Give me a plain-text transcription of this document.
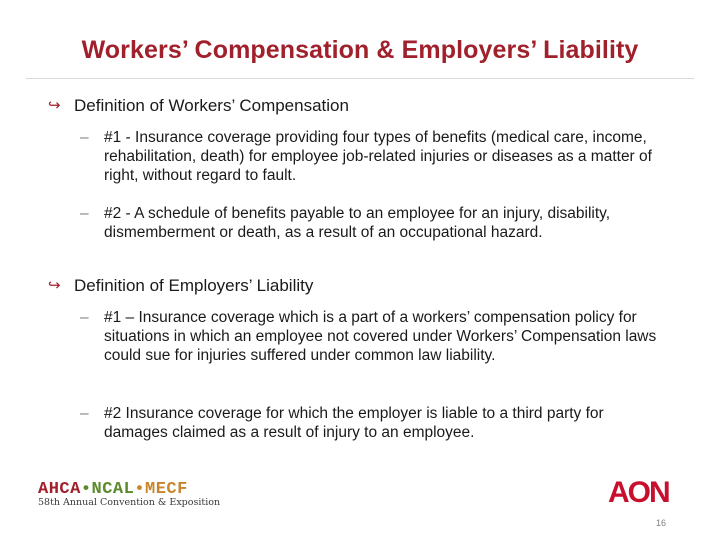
Workers’ Compensation & Employers’ Liability
↪ Definition of Workers’ Compensation
– #1 - Insurance coverage providing four types of benefits (medical care, income, rehabilitation, death) for employee job-related injuries or diseases as a matter of right, without regard to fault.
– #2 - A schedule of benefits payable to an employee for an injury, disability, dismemberment or death, as a result of an occupational hazard.
↪ Definition of Employers’ Liability
– #1 – Insurance coverage which is a part of a workers’ compensation policy for situations in which an employee not covered under Workers’ Compensation laws could sue for injuries suffered under common law liability.
– #2 Insurance coverage for which the employer is liable to a third party for damages claimed as a result of injury to an employee.
AHCA•NCAL•MECF
58th Annual Convention & Exposition	AON
16
